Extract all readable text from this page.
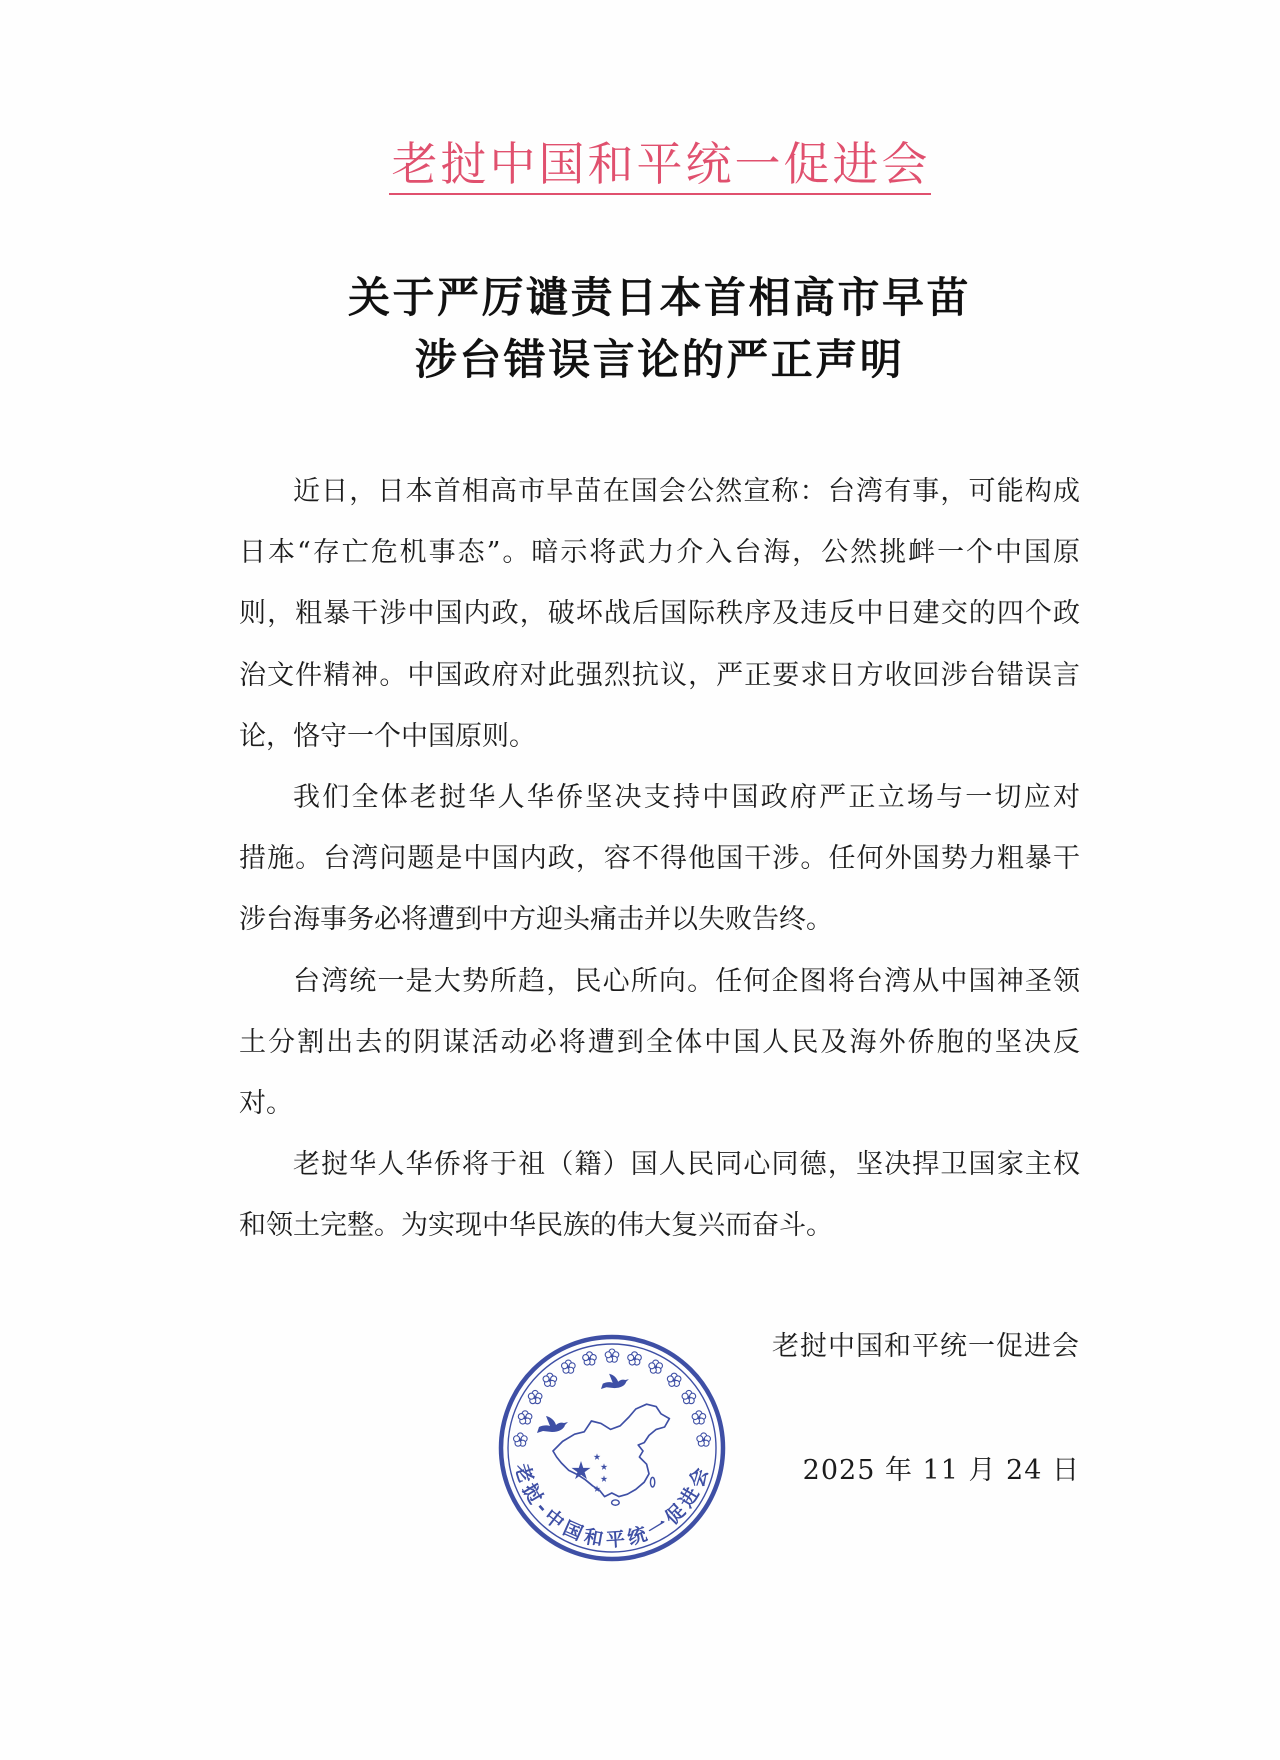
老挝中国和平统一促进会
关于严厉谴责日本首相高市早苗
涉台错误言论的严正声明
近日，日本首相高市早苗在国会公然宣称：台湾有事，可能构成
日本“存亡危机事态”。暗示将武力介入台海，公然挑衅一个中国原
则，粗暴干涉中国内政，破坏战后国际秩序及违反中日建交的四个政
治文件精神。中国政府对此强烈抗议，严正要求日方收回涉台错误言
论，恪守一个中国原则。
我们全体老挝华人华侨坚决支持中国政府严正立场与一切应对
措施。台湾问题是中国内政，容不得他国干涉。任何外国势力粗暴干
涉台海事务必将遭到中方迎头痛击并以失败告终。
台湾统一是大势所趋，民心所向。任何企图将台湾从中国神圣领
土分割出去的阴谋活动必将遭到全体中国人民及海外侨胞的坚决反
对。
老挝华人华侨将于祖（籍）国人民同心同德，坚决捍卫国家主权
和领土完整。为实现中华民族的伟大复兴而奋斗。
老挝中国和平统一促进会
2025 年 11 月 24 日
老挝-中国和平统一促进会
